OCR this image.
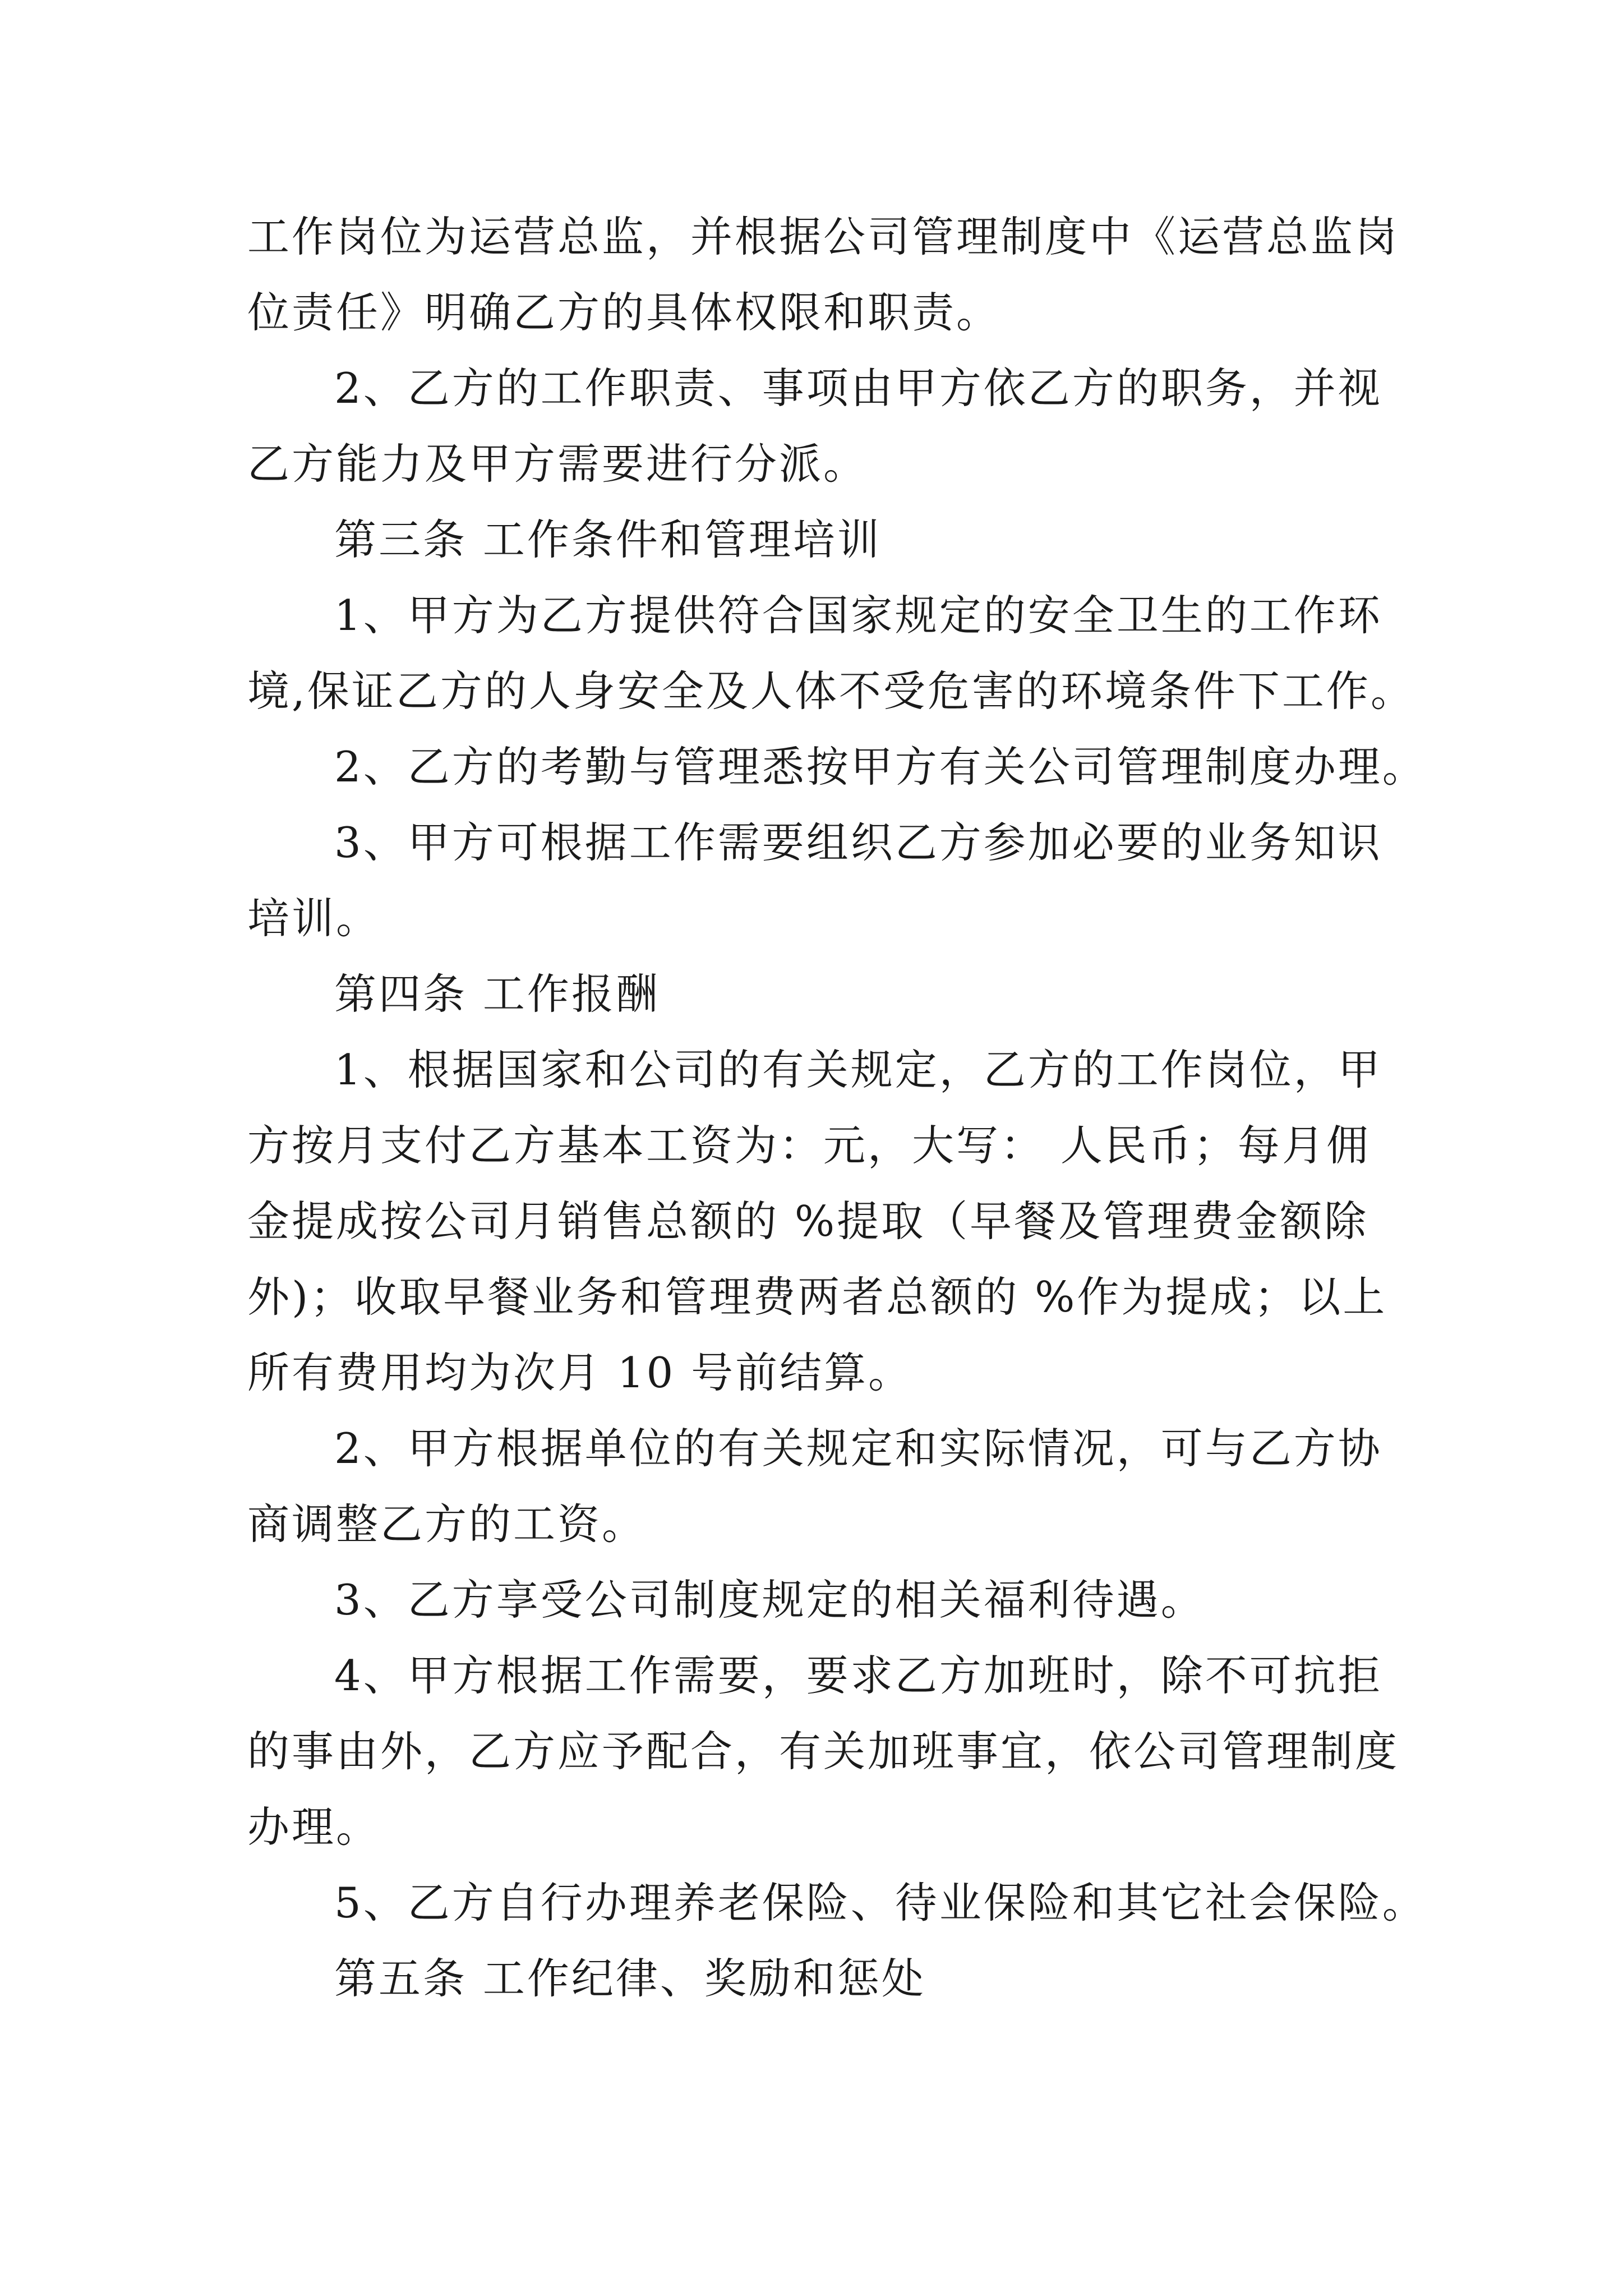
工作岗位为运营总监，并根据公司管理制度中《运营总监岗
位责任》明确乙方的具体权限和职责。
2、乙方的工作职责、事项由甲方依乙方的职务，并视
乙方能力及甲方需要进行分派。
第三条 工作条件和管理培训
1、甲方为乙方提供符合国家规定的安全卫生的工作环
境,保证乙方的人身安全及人体不受危害的环境条件下工作。
2、乙方的考勤与管理悉按甲方有关公司管理制度办理。
3、甲方可根据工作需要组织乙方参加必要的业务知识
培训。
第四条 工作报酬
1、根据国家和公司的有关规定，乙方的工作岗位，甲
方按月支付乙方基本工资为：元，大写： 人民币；每月佣
金提成按公司月销售总额的 %提取（早餐及管理费金额除
外)；收取早餐业务和管理费两者总额的 %作为提成；以上
所有费用均为次月 10 号前结算。
2、甲方根据单位的有关规定和实际情况，可与乙方协
商调整乙方的工资。
3、乙方享受公司制度规定的相关福利待遇。
4、甲方根据工作需要，要求乙方加班时，除不可抗拒
的事由外，乙方应予配合，有关加班事宜，依公司管理制度
办理。
5、乙方自行办理养老保险、待业保险和其它社会保险。
第五条 工作纪律、奖励和惩处
